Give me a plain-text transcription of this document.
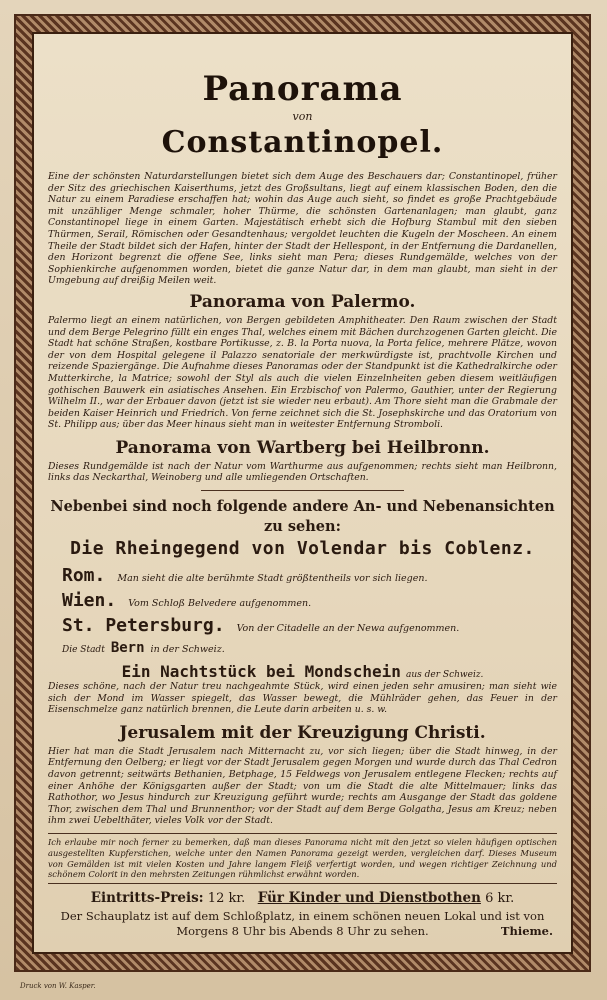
Panorama
von
Constantinopel.

Eine der schönsten Naturdarstellungen bietet sich dem Auge des Beschauers dar; Constantinopel, früher der Sitz des griechischen Kaiserthums, jetzt des Großsultans, liegt auf einem klassischen Boden, den die Natur zu einem Paradiese erschaffen hat; wohin das Auge auch sieht, so findet es große Prachtgebäude mit unzähliger Menge schmaler, hoher Thürme, die schönsten Gartenanlagen; man glaubt, ganz Constantinopel liege in einem Garten. Majestätisch erhebt sich die Hofburg Stambul mit den sieben Thürmen, Serail, Römischen oder Gesandtenhaus; vergoldet leuchten die Kugeln der Moscheen. An einem Theile der Stadt bildet sich der Hafen, hinter der Stadt der Hellespont, in der Entfernung die Dardanellen, den Horizont begrenzt die offene See, links sieht man Pera; dieses Rundgemälde, welches von der Sophienkirche aufgenommen worden, bietet die ganze Natur dar, in dem man glaubt, man sieht in der Umgebung auf dreißig Meilen weit.

Panorama von Palermo.

Palermo liegt an einem natürlichen, von Bergen gebildeten Amphitheater. Den Raum zwischen der Stadt und dem Berge Pelegrino füllt ein enges Thal, welches einem mit Bächen durchzogenen Garten gleicht. Die Stadt hat schöne Straßen, kostbare Portikusse, z. B. la Porta nuova, la Porta felice, mehrere Plätze, wovon der von dem Hospital gelegene il Palazzo senatoriale der merkwürdigste ist, prachtvolle Kirchen und reizende Spaziergänge. Die Aufnahme dieses Panoramas oder der Standpunkt ist die Kathedralkirche oder Mutterkirche, la Matrice; sowohl der Styl als auch die vielen Einzelnheiten geben diesem weitläufigen gothischen Bauwerk ein asiatisches Ansehen. Ein Erzbischof von Palermo, Gauthier, unter der Regierung Wilhelm II., war der Erbauer davon (jetzt ist sie wieder neu erbaut). Am Thore sieht man die Grabmale der beiden Kaiser Heinrich und Friedrich. Von ferne zeichnet sich die St. Josephskirche und das Oratorium von St. Philipp aus; über das Meer hinaus sieht man in weitester Entfernung Stromboli.

Panorama von Wartberg bei Heilbronn.

Dieses Rundgemälde ist nach der Natur vom Warthurme aus aufgenommen; rechts sieht man Heilbronn, links das Neckarthal, Weinoberg und alle umliegenden Ortschaften.

Nebenbei sind noch folgende andere An- und Nebenansichten zu sehen:
Die Rheingegend von Volendar bis Coblenz.
Rom. Man sieht die alte berühmte Stadt größtentheils vor sich liegen.
Wien. Vom Schloß Belvedere aufgenommen.
St. Petersburg. Von der Citadelle an der Newa aufgenommen.
Die Stadt Bern in der Schweiz.
Ein Nachtstück bei Mondschein aus der Schweiz.

Dieses schöne, nach der Natur treu nachgeahmte Stück, wird einen jeden sehr amusiren; man sieht wie sich der Mond im Wasser spiegelt, das Wasser bewegt, die Mühlräder gehen, das Feuer in der Eisenschmelze ganz natürlich brennen, die Leute darin arbeiten u. s. w.

Jerusalem mit der Kreuzigung Christi.

Hier hat man die Stadt Jerusalem nach Mitternacht zu, vor sich liegen; über die Stadt hinweg, in der Entfernung den Oelberg; er liegt vor der Stadt Jerusalem gegen Morgen und wurde durch das Thal Cedron davon getrennt; seitwärts Bethanien, Betphage, 15 Feldwegs von Jerusalem entlegene Flecken; rechts auf einer Anhöhe der Königsgarten außer der Stadt; von um die Stadt die alte Mittelmauer; links das Rathothor, wo Jesus hindurch zur Kreuzigung geführt wurde; rechts am Ausgange der Stadt das goldene Thor, zwischen dem Thal und Brunnenthor; vor der Stadt auf dem Berge Golgatha, Jesus am Kreuz; neben ihm zwei Uebelthäter, vieles Volk vor der Stadt.

Ich erlaube mir noch ferner zu bemerken, daß man dieses Panorama nicht mit den jetzt so vielen häufigen optischen ausgestellten Kupferstichen, welche unter den Namen Panorama gezeigt werden, vergleichen darf. Dieses Museum von Gemälden ist mit vielen Kosten und Jahre langem Fleiß verfertigt worden, und wegen richtiger Zeichnung und schönem Colorit in den mehrsten Zeitungen rühmlichst erwähnt worden.

Eintritts-Preis: 12 kr. Für Kinder und Dienstbothen 6 kr.
Der Schauplatz ist auf dem Schloßplatz, in einem schönen neuen Lokal und ist von
Morgens 8 Uhr bis Abends 8 Uhr zu sehen.	Thieme.
Druck von W. Kasper.
